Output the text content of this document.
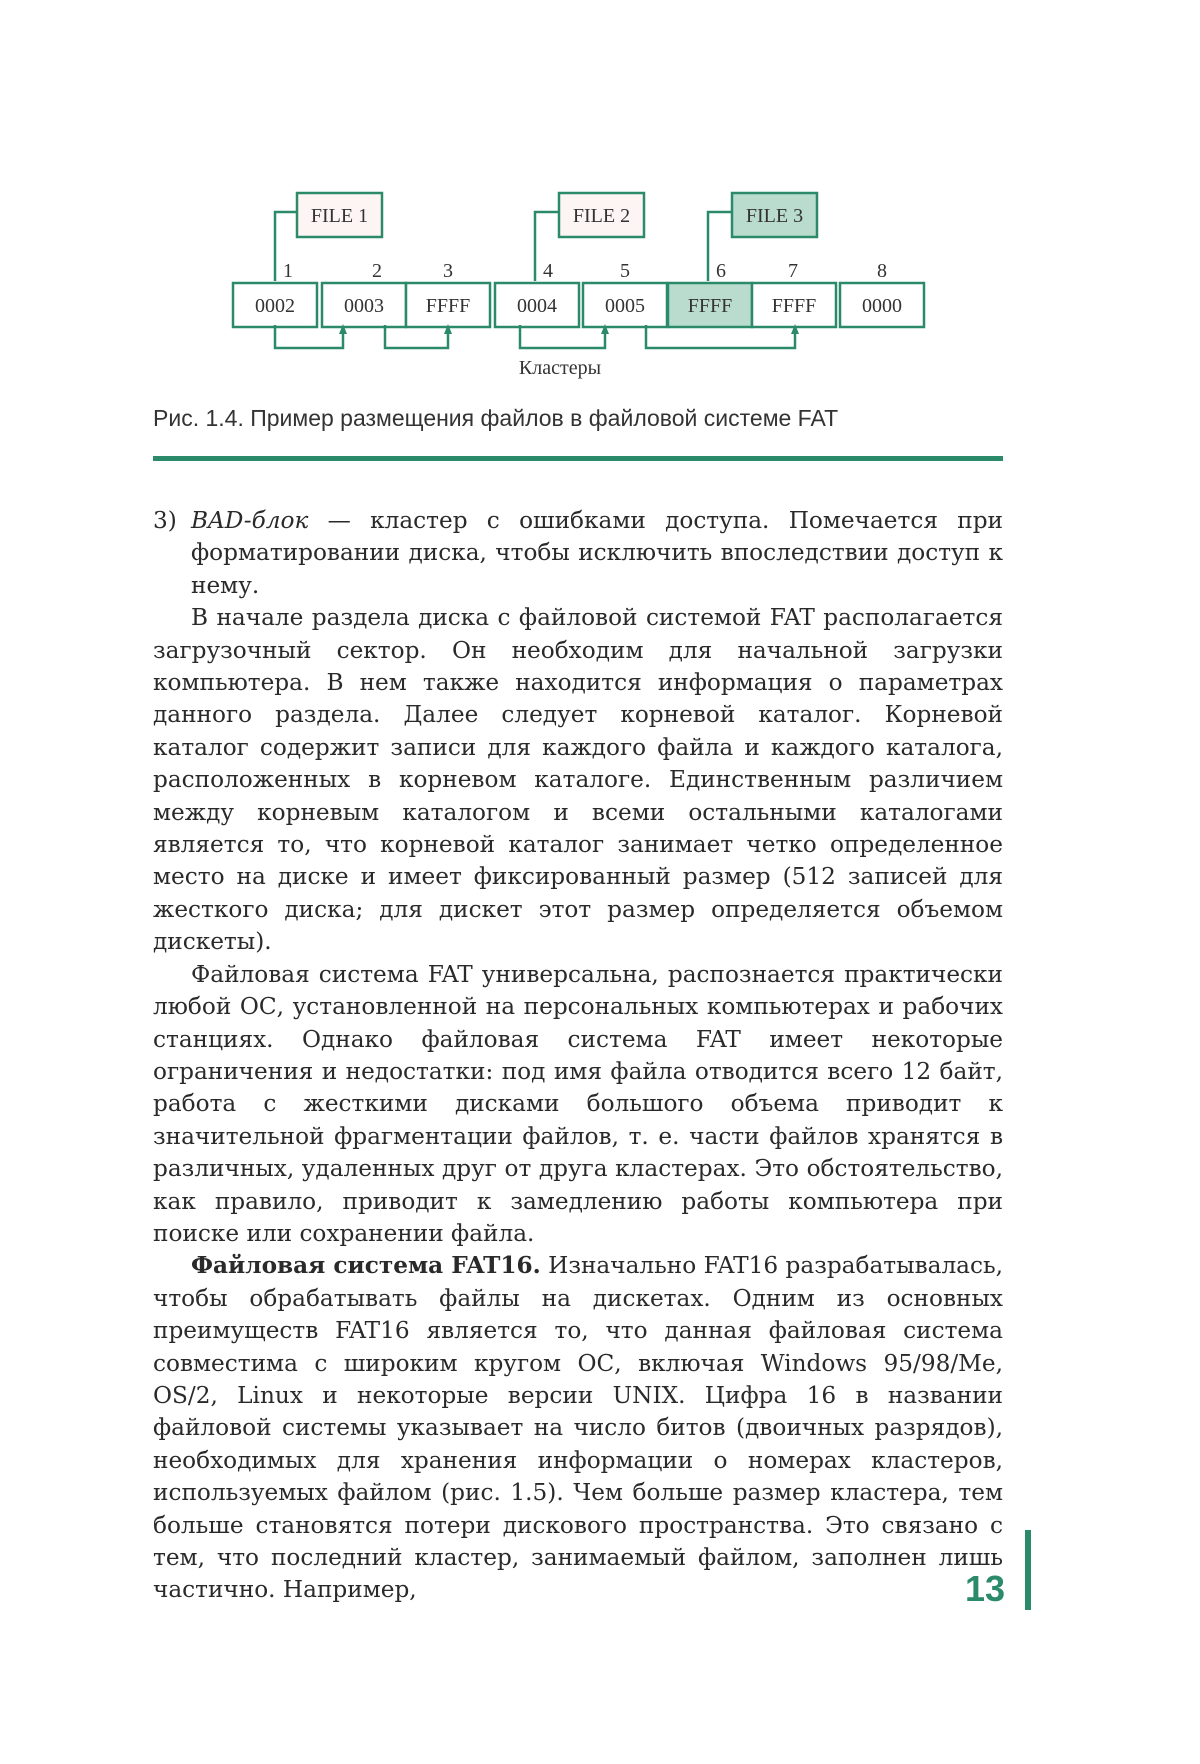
FILE 1	FILE 2	FILE 3
0002
1
0003
2
FFFF
3
0004
4
0005
5
FFFF
6
FFFF
7
0000
8
Кластеры
Рис. 1.4. Пример размещения файлов в файловой системе FAT

3) BAD-блок — кластер с ошибками доступа. Помечается при форматировании диска, чтобы исключить впоследствии доступ к нему.

В начале раздела диска с файловой системой FAT располагается загрузочный сектор. Он необходим для начальной загрузки компьютера. В нем также находится информация о параметрах данного раздела. Далее следует корневой каталог. Корневой каталог содержит записи для каждого файла и каждого каталога, расположенных в корневом каталоге. Единственным различием между корневым каталогом и всеми остальными каталогами является то, что корневой каталог занимает четко определенное место на диске и имеет фиксированный размер (512 записей для жесткого диска; для дискет этот размер определяется объемом дискеты).

Файловая система FAT универсальна, распознается практически любой ОС, установленной на персональных компьютерах и рабочих станциях. Однако файловая система FAT имеет некоторые ограничения и недостатки: под имя файла отводится всего 12 байт, работа с жесткими дисками большого объема приводит к значительной фрагментации файлов, т. е. части файлов хранятся в различных, удаленных друг от друга кластерах. Это обстоятельство, как правило, приводит к замедлению работы компьютера при поиске или сохранении файла.

Файловая система FAT16. Изначально FAT16 разрабатывалась, чтобы обрабатывать файлы на дискетах. Одним из основных преимуществ FAT16 является то, что данная файловая система совместима с широким кругом ОС, включая Windows 95/98/Me, OS/2, Linux и некоторые версии UNIX. Цифра 16 в названии файловой системы указывает на число битов (двоичных разрядов), необходимых для хранения информации о номерах кластеров, используемых файлом (рис. 1.5). Чем больше размер кластера, тем больше становятся потери дискового пространства. Это связано с тем, что последний кластер, занимаемый файлом, заполнен лишь частично. Например,	13
